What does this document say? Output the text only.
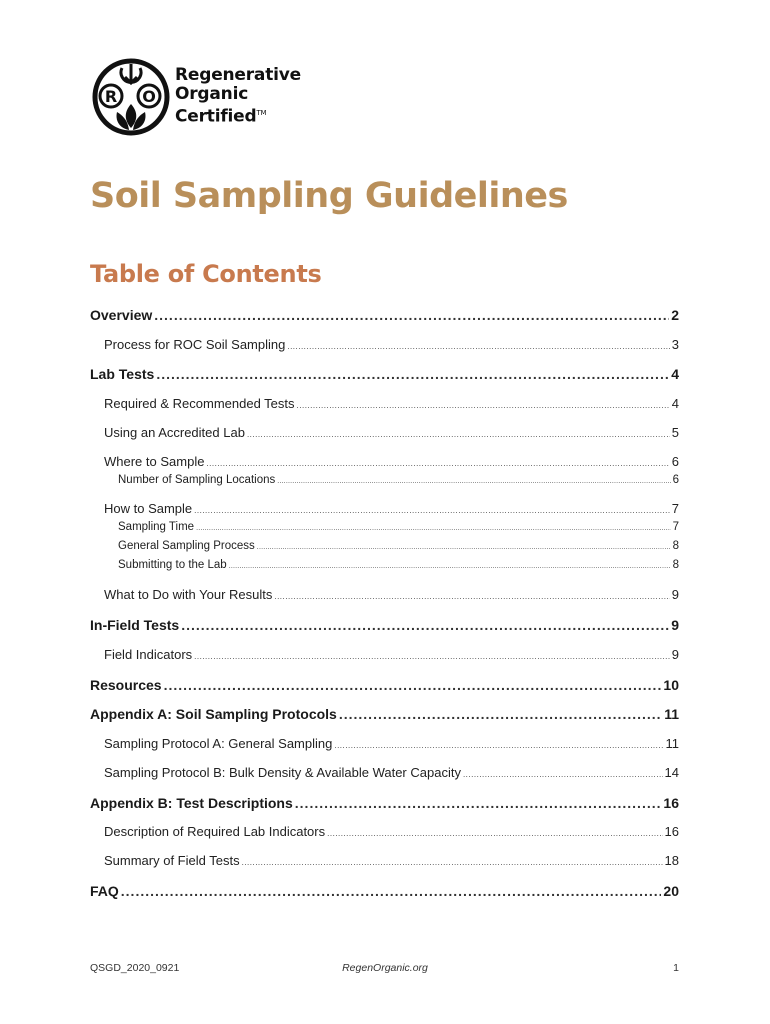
R O
Regenerative
Organic
Certified™
Soil Sampling Guidelines
Table of Contents
Overview .....	2
Process for ROC Soil Sampling .....	3
Lab Tests .....	4
Required & Recommended Tests .....	4
Using an Accredited Lab .....	5
Where to Sample .....	6
Number of Sampling Locations .....	6
How to Sample .....	7
Sampling Time .....	7
General Sampling Process .....	8
Submitting to the Lab .....	8
What to Do with Your Results .....	9
In-Field Tests .....	9
Field Indicators .....	9
Resources .....	10
Appendix A: Soil Sampling Protocols .....	11
Sampling Protocol A: General Sampling .....	11
Sampling Protocol B: Bulk Density & Available Water Capacity .....	14
Appendix B: Test Descriptions .....	16
Description of Required Lab Indicators .....	16
Summary of Field Tests .....	18
FAQ .....	20
RegenOrganic.org
QSGD_2020_0921	1
